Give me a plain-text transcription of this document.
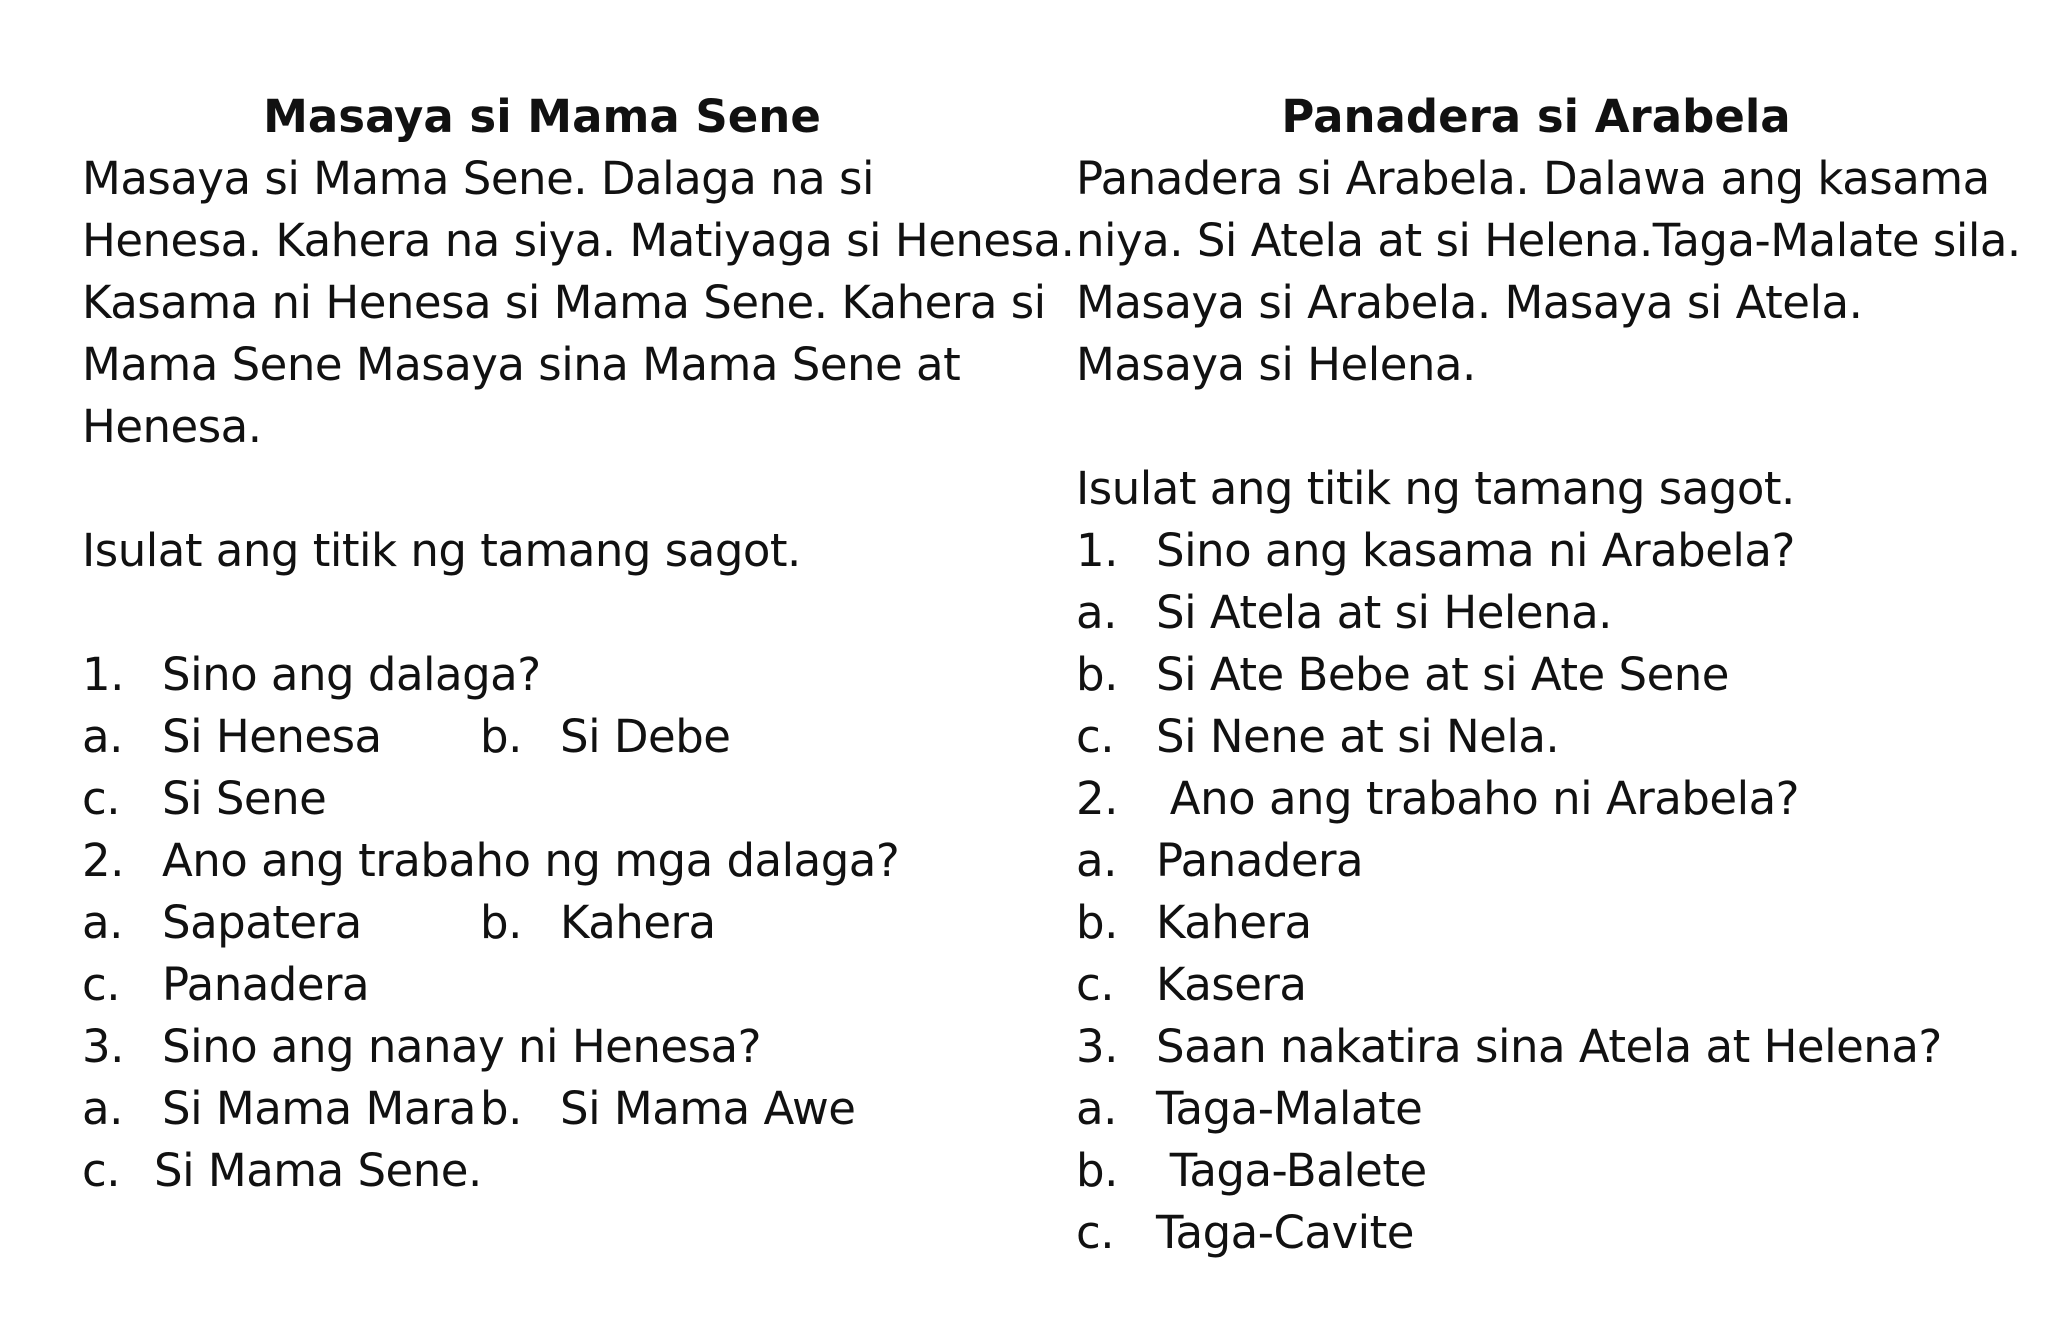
Masaya si Mama Sene
Masaya si Mama Sene. Dalaga na si
Henesa. Kahera na siya. Matiyaga si Henesa.
Kasama ni Henesa si Mama Sene. Kahera si
Mama Sene Masaya sina Mama Sene at
Henesa.
Isulat ang titik ng tamang sagot.
1. Sino ang dalaga?
a. Si Henesa b. Si Debe
c. Si Sene
2. Ano ang trabaho ng mga dalaga?
a. Sapatera	b. Kahera
c. Panadera
3. Sino ang nanay ni Henesa?
a. Si Mama Mara b. Si Mama Awe
c. Si Mama Sene.
Panadera si Arabela
Panadera si Arabela. Dalawa ang kasama
niya. Si Atela at si Helena.Taga-Malate sila.
Masaya si Arabela. Masaya si Atela.
Masaya si Helena.
Isulat ang titik ng tamang sagot.
1. Sino ang kasama ni Arabela?
a. Si Atela at si Helena.
b. Si Ate Bebe at si Ate Sene
c. Si Nene at si Nela.
2. Ano ang trabaho ni Arabela?
a. Panadera
b. Kahera
c. Kasera
3. Saan nakatira sina Atela at Helena?
a. Taga-Malate
b. Taga-Balete
c. Taga-Cavite
